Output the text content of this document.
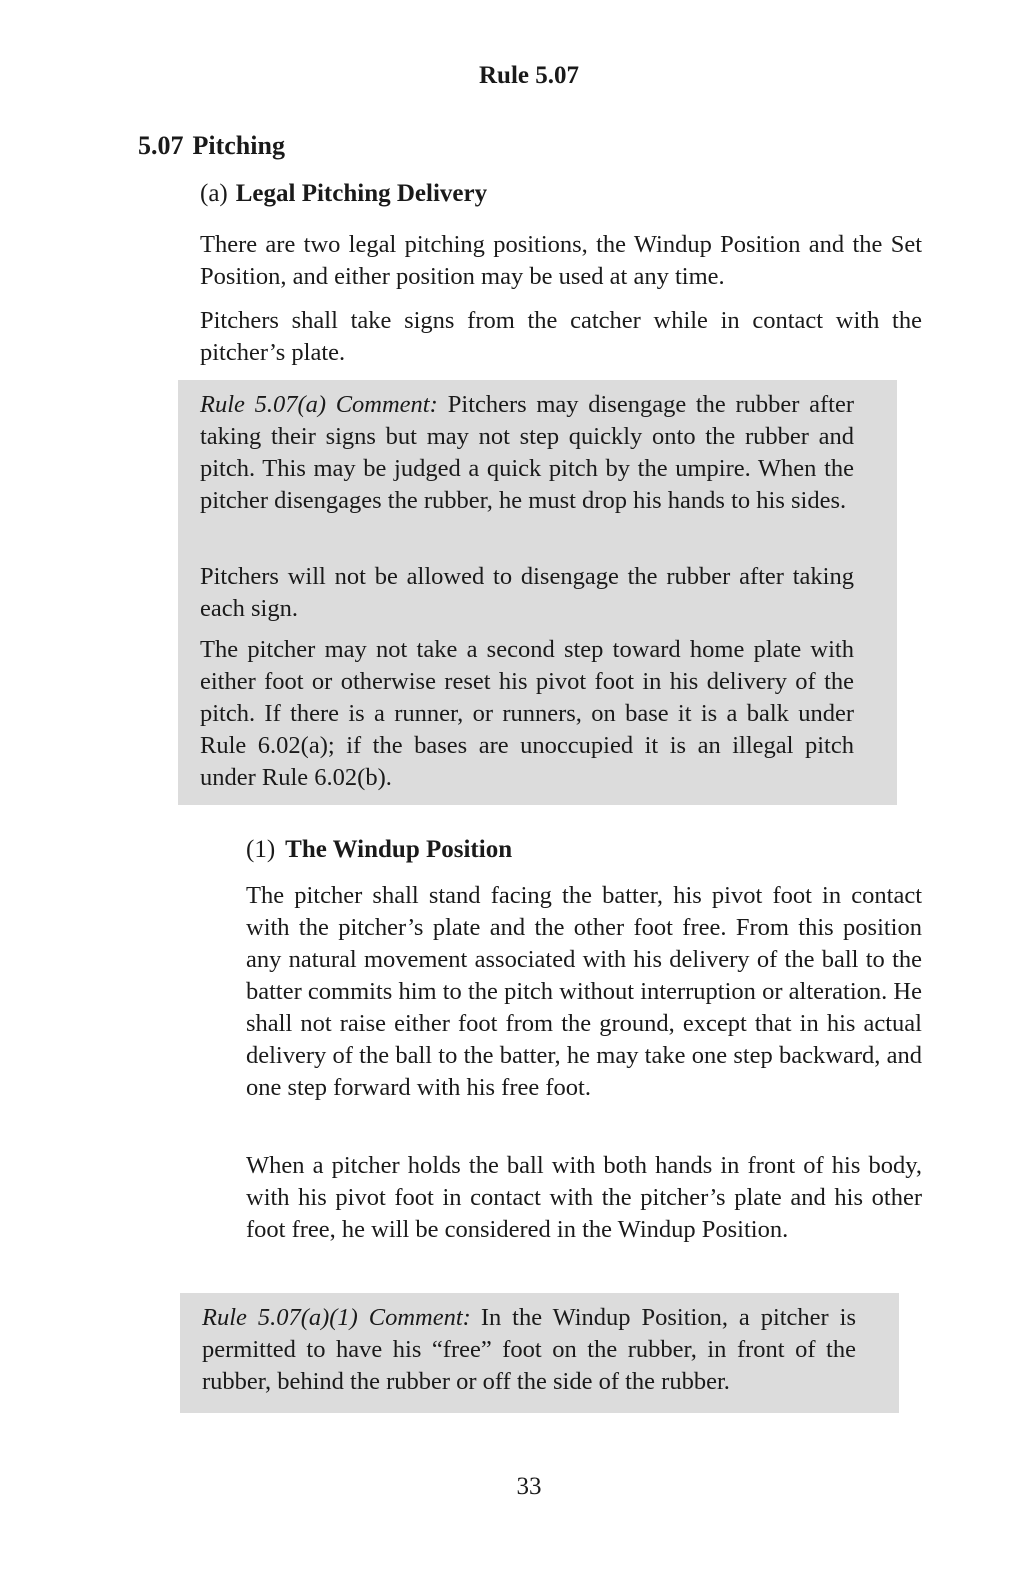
Rule 5.07
5.07 Pitching
(a) Legal Pitching Delivery

There are two legal pitching positions, the Windup Position and the Set Position, and either position may be used at any time.

Pitchers shall take signs from the catcher while in contact with the pitcher’s plate.

Rule 5.07(a) Comment: Pitchers may disengage the rubber after taking their signs but may not step quickly onto the rubber and pitch. This may be judged a quick pitch by the umpire. When the pitcher disengages the rubber, he must drop his hands to his sides.

Pitchers will not be allowed to disengage the rubber after taking each sign.

The pitcher may not take a second step toward home plate with either foot or otherwise reset his pivot foot in his delivery of the pitch. If there is a runner, or runners, on base it is a balk under Rule 6.02(a); if the bases are unoccupied it is an illegal pitch under Rule 6.02(b).

(1) The Windup Position

The pitcher shall stand facing the batter, his pivot foot in contact with the pitcher’s plate and the other foot free. From this position any natural movement associated with his delivery of the ball to the batter commits him to the pitch without interruption or alteration. He shall not raise either foot from the ground, except that in his actual delivery of the ball to the batter, he may take one step backward, and one step forward with his free foot.

When a pitcher holds the ball with both hands in front of his body, with his pivot foot in contact with the pitcher’s plate and his other foot free, he will be considered in the Windup Position.

Rule 5.07(a)(1) Comment: In the Windup Position, a pitcher is permitted to have his “free” foot on the rubber, in front of the rubber, behind the rubber or off the side of the rubber.

33
